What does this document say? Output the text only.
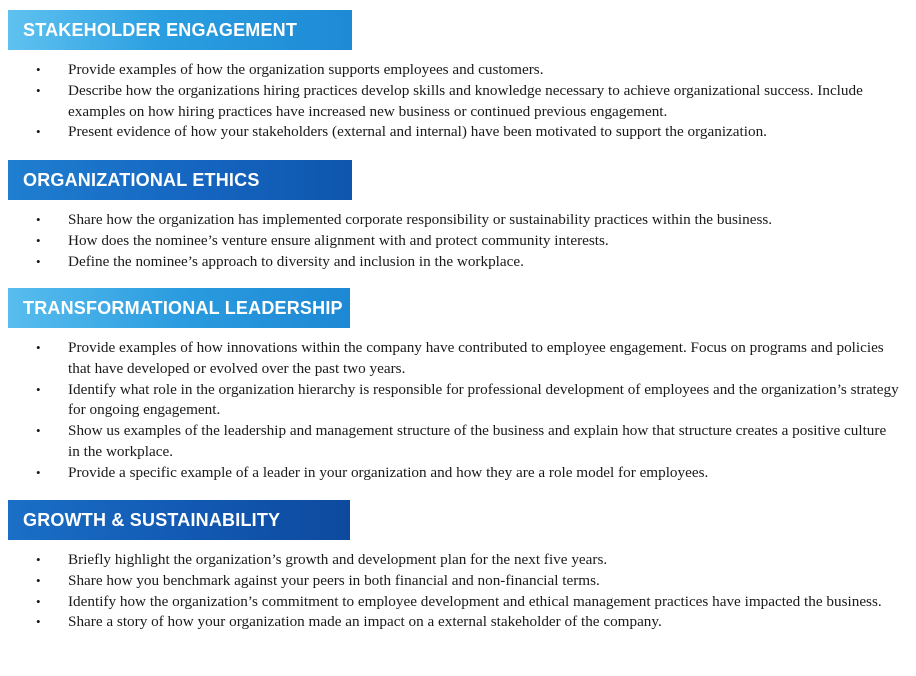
STAKEHOLDER ENGAGEMENT
• Provide examples of how the organization supports employees and customers.
• Describe how the organizations hiring practices develop skills and knowledge necessary to achieve organizational success. Include examples on how hiring practices have increased new business or continued previous engagement.
• Present evidence of how your stakeholders (external and internal) have been motivated to support the organization.
ORGANIZATIONAL ETHICS
• Share how the organization has implemented corporate responsibility or sustainability practices within the business.
• How does the nominee’s venture ensure alignment with and protect community interests.
• Define the nominee’s approach to diversity and inclusion in the workplace.
TRANSFORMATIONAL LEADERSHIP
• Provide examples of how innovations within the company have contributed to employee engagement. Focus on programs and policies that have developed or evolved over the past two years.
• Identify what role in the organization hierarchy is responsible for professional development of employees and the organization’s strategy for ongoing engagement.
• Show us examples of the leadership and management structure of the business and explain how that structure creates a positive culture in the workplace.
• Provide a specific example of a leader in your organization and how they are a role model for employees.
GROWTH & SUSTAINABILITY
• Briefly highlight the organization’s growth and development plan for the next five years.
• Share how you benchmark against your peers in both financial and non-financial terms.
• Identify how the organization’s commitment to employee development and ethical management practices have impacted the business.
• Share a story of how your organization made an impact on a external stakeholder of the company.
